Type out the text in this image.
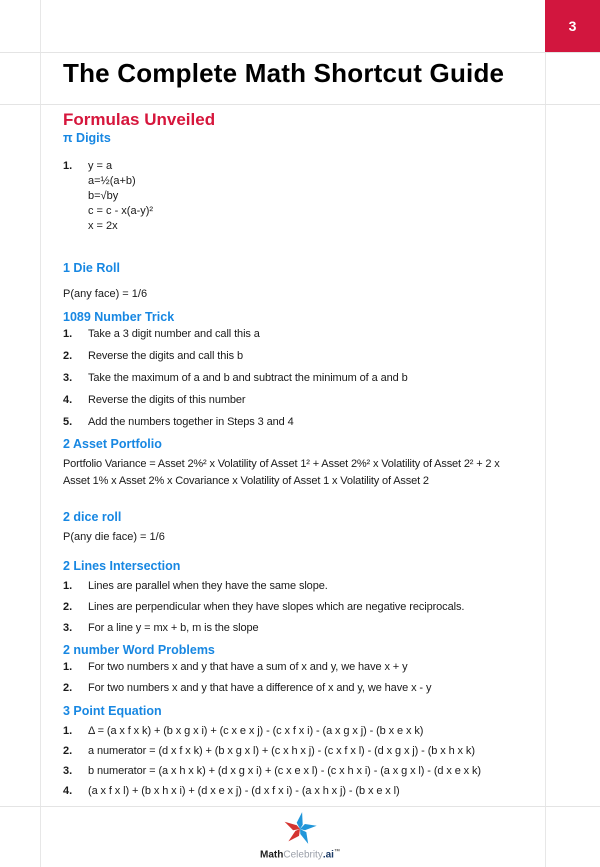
3
The Complete Math Shortcut Guide
Formulas Unveiled
π Digits
1.	y = a
a=½(a+b)
b=√by
c = c - x(a-y)²
x = 2x
1 Die Roll
P(any face) = 1/6
1089 Number Trick
1.	Take a 3 digit number and call this a
2.	Reverse the digits and call this b
3.	Take the maximum of a and b and subtract the minimum of a and b
4.	Reverse the digits of this number
5.	Add the numbers together in Steps 3 and 4
2 Asset Portfolio
Portfolio Variance = Asset 2%² x Volatility of Asset 1² + Asset 2%² x Volatility of Asset 2² + 2 x
Asset 1% x Asset 2% x Covariance x Volatility of Asset 1 x Volatility of Asset 2
2 dice roll
P(any die face) = 1/6
2 Lines Intersection
1.	Lines are parallel when they have the same slope.
2.	Lines are perpendicular when they have slopes which are negative reciprocals.
3.	For a line y = mx + b, m is the slope
2 number Word Problems
1.	For two numbers x and y that have a sum of x and y, we have x + y
2.	For two numbers x and y that have a difference of x and y, we have x - y
3 Point Equation
1.	Δ = (a x f x k) + (b x g x i) + (c x e x j) - (c x f x i) - (a x g x j) - (b x e x k)
2.	a numerator = (d x f x k) + (b x g x l) + (c x h x j) - (c x f x l) - (d x g x j) - (b x h x k)
3.	b numerator = (a x h x k) + (d x g x i) + (c x e x l) - (c x h x i) - (a x g x l) - (d x e x k)
4.	(a x f x l) + (b x h x i) + (d x e x j) - (d x f x i) - (a x h x j) - (b x e x l)
MathCelebrity.ai™
